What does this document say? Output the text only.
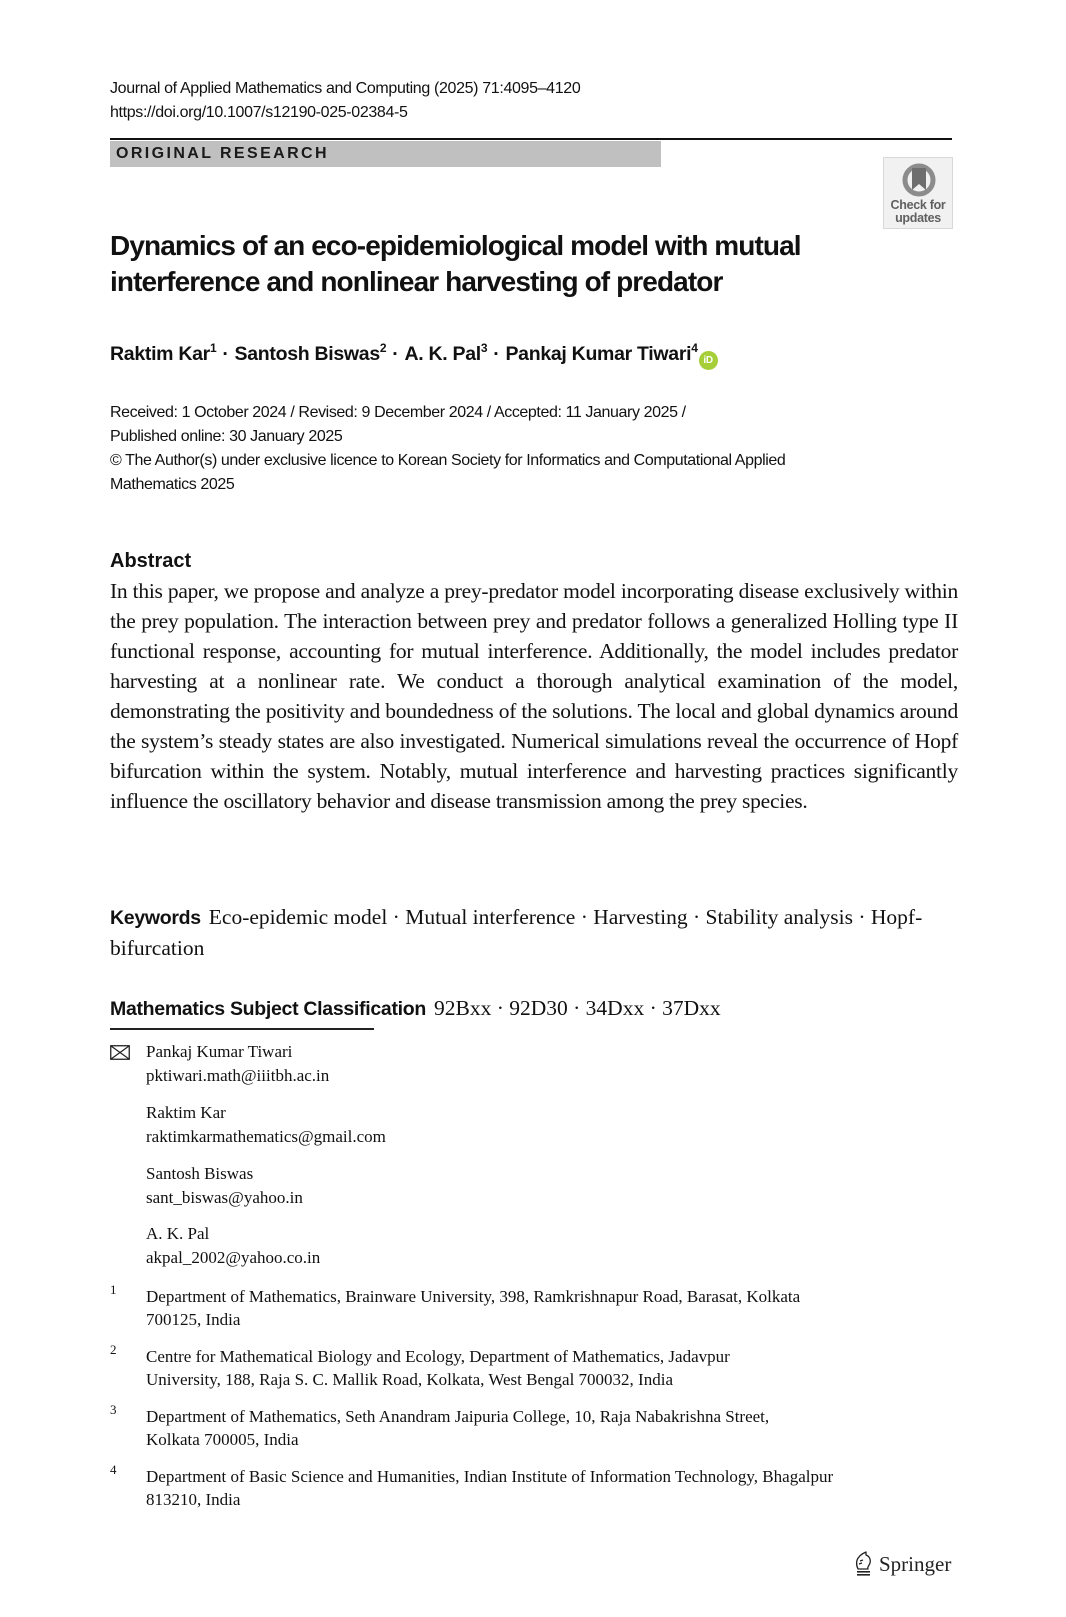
Journal of Applied Mathematics and Computing (2025) 71:4095–4120
https://doi.org/10.1007/s12190-025-02384-5
ORIGINAL RESEARCH
Check for
updates
Dynamics of an eco-epidemiological model with mutual
interference and nonlinear harvesting of predator
Raktim Kar$^1$ · Santosh Biswas$^2$ · A. K. Pal$^3$ · Pankaj Kumar Tiwari$^4$iD
Received: 1 October 2024 / Revised: 9 December 2024 / Accepted: 11 January 2025 /
Published online: 30 January 2025
© The Author(s) under exclusive licence to Korean Society for Informatics and Computational Applied
Mathematics 2025
Abstract
In this paper, we propose and analyze a prey-predator model incorporating disease exclusively within the prey population. The interaction between prey and predator follows a generalized Holling type II functional response, accounting for mutual interference. Additionally, the model includes predator harvesting at a nonlinear rate. We conduct a thorough analytical examination of the model, demonstrating the positivity and boundedness of the solutions. The local and global dynamics around the system’s steady states are also investigated. Numerical simulations reveal the occurrence of Hopf bifurcation within the system. Notably, mutual interference and harvesting practices significantly influence the oscillatory behavior and disease transmission among the prey species.
Keywords Eco-epidemic model · Mutual interference · Harvesting · Stability analysis · Hopf-bifurcation
Mathematics Subject Classification 92Bxx · 92D30 · 34Dxx · 37Dxx
Pankaj Kumar Tiwari
pktiwari.math@iiitbh.ac.in
Raktim Kar
raktimkarmathematics@gmail.com
Santosh Biswas
sant_biswas@yahoo.in
A. K. Pal
akpal_2002@yahoo.co.in
1 Department of Mathematics, Brainware University, 398, Ramkrishnapur Road, Barasat, Kolkata
700125, India
2 Centre for Mathematical Biology and Ecology, Department of Mathematics, Jadavpur
University, 188, Raja S. C. Mallik Road, Kolkata, West Bengal 700032, India
3 Department of Mathematics, Seth Anandram Jaipuria College, 10, Raja Nabakrishna Street,
Kolkata 700005, India
4 Department of Basic Science and Humanities, Indian Institute of Information Technology, Bhagalpur
813210, India
Springer
